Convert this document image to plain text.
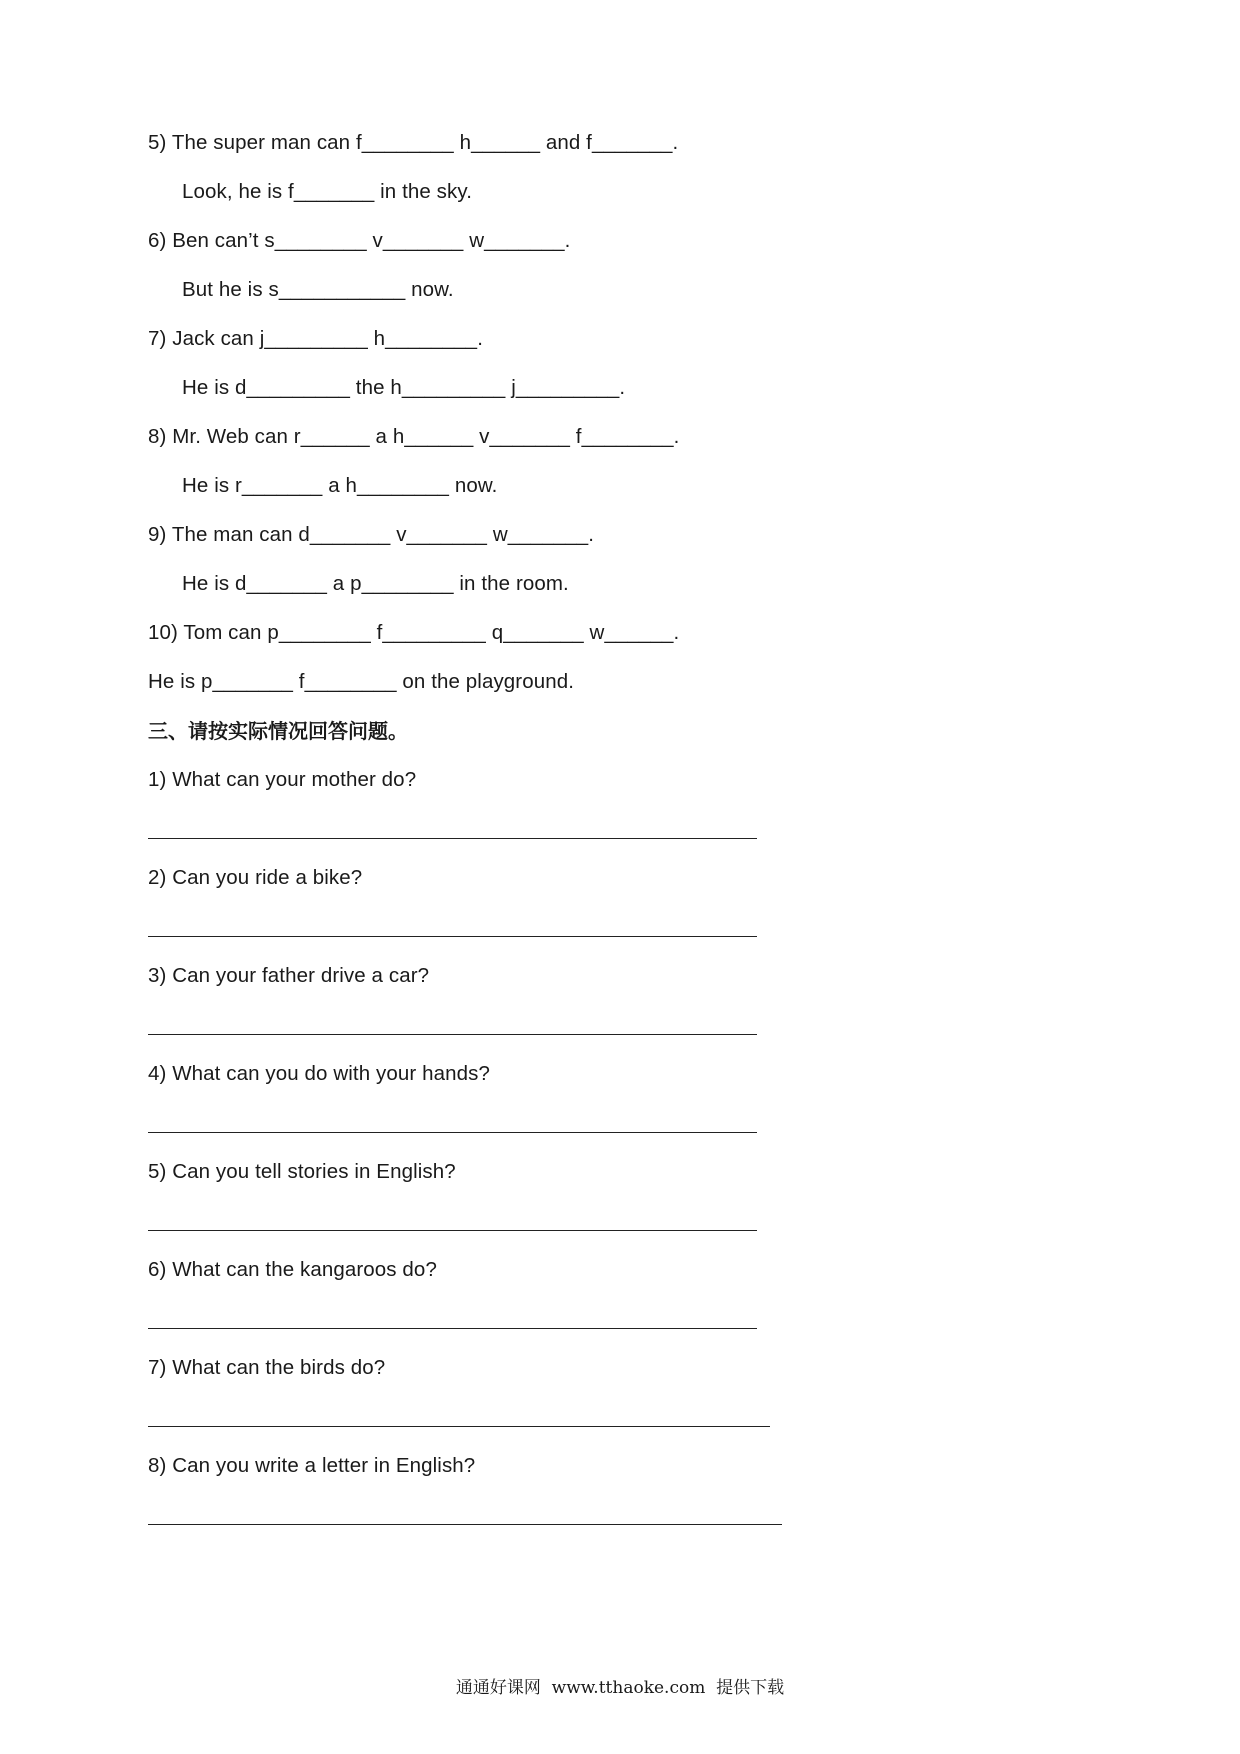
5) The super man can f________ h______ and f_______.
Look, he is f_______ in the sky.
6) Ben can’t s________ v_______ w_______.
But he is s___________ now.
7) Jack can j_________ h________.
He is d_________ the h_________ j_________.
8) Mr. Web can r______ a h______ v_______ f________.
He is r_______ a h________ now.
9) The man can d_______ v_______ w_______.
He is d_______ a p________ in the room.
10) Tom can p________ f_________ q_______ w______.
He is p_______ f________ on the playground.
三、请按实际情况回答问题。
1) What can your mother do?
2) Can you ride a bike?
3) Can your father drive a car?
4) What can you do with your hands?
5) Can you tell stories in English?
6) What can the kangaroos do?
7) What can the birds do?
8) Can you write a letter in English?
通通好课网  www.tthaoke.com  提供下载
